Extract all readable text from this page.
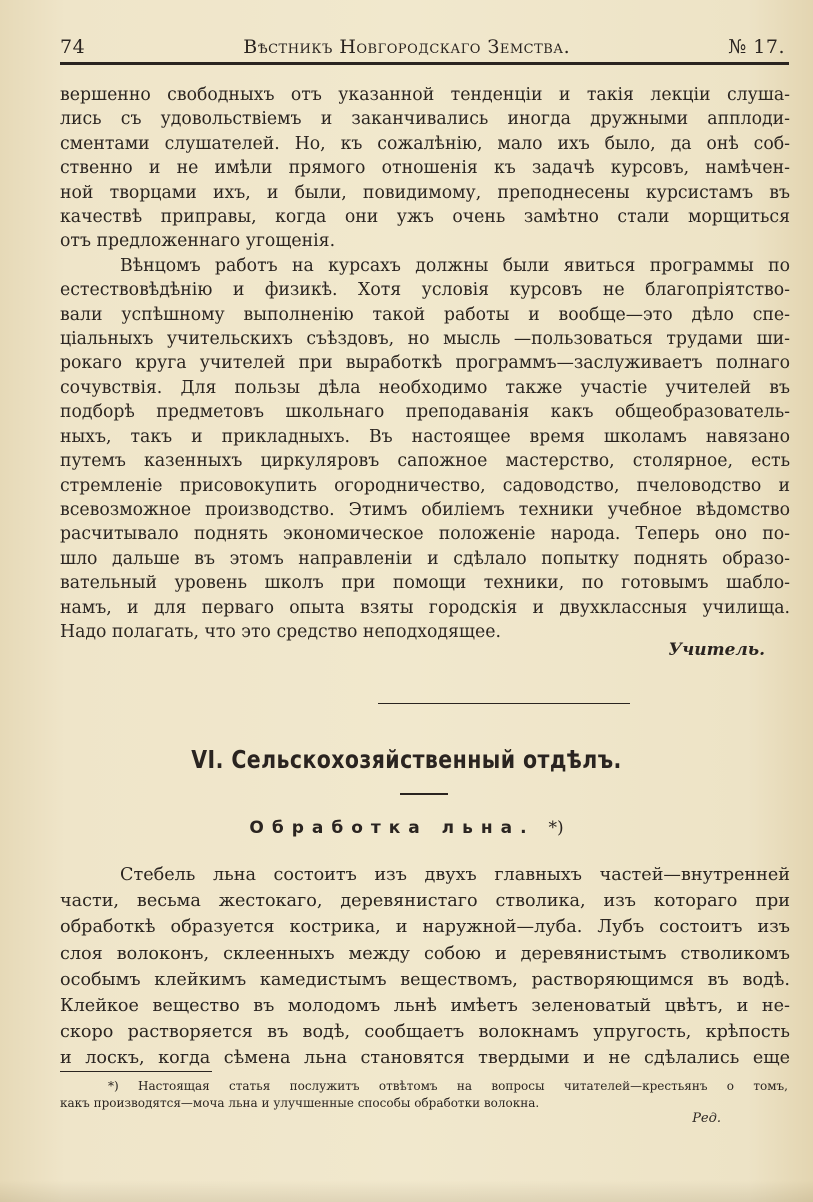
74	Вѣстникъ Новгородскаго Земства.	№ 17.
вершенно свободныхъ отъ указанной тенденціи и такія лекціи слуша-
лись съ удовольствіемъ и заканчивались иногда дружными апплоди-
сментами слушателей. Но, къ сожалѣнію, мало ихъ было, да онѣ соб-
ственно и не имѣли прямого отношенія къ задачѣ курсовъ, намѣчен-
ной творцами ихъ, и были, повидимому, преподнесены курсистамъ въ
качествѣ приправы, когда они ужъ очень замѣтно стали морщиться
отъ предложеннаго угощенія.
Вѣнцомъ работъ на курсахъ должны были явиться программы по
естествовѣдѣнію и физикѣ. Хотя условія курсовъ не благопріятство-
вали успѣшному выполненію такой работы и вообще—это дѣло спе-
ціальныхъ учительскихъ съѣздовъ, но мысль —пользоваться трудами ши-
рокаго круга учителей при выработкѣ программъ—заслуживаетъ полнаго
сочувствія. Для пользы дѣла необходимо также участіе учителей въ
подборѣ предметовъ школьнаго преподаванія какъ общеобразователь-
ныхъ, такъ и прикладныхъ. Въ настоящее время школамъ навязано
путемъ казенныхъ циркуляровъ сапожное мастерство, столярное, есть
стремленіе присовокупить огородничество, садоводство, пчеловодство и
всевозможное производство. Этимъ обиліемъ техники учебное вѣдомство
расчитывало поднять экономическое положеніе народа. Теперь оно по-
шло дальше въ этомъ направленіи и сдѣлало попытку поднять образо-
вательный уровень школъ при помощи техники, по готовымъ шабло-
намъ, и для перваго опыта взяты городскія и двухклассныя училища.
Надо полагать, что это средство неподходящее.
Учитель.
VI. Сельскохозяйственный отдѣлъ.
Обработка льна. *)
Стебель льна состоитъ изъ двухъ главныхъ частей—внутренней
части, весьма жестокаго, деревянистаго стволика, изъ котораго при
обработкѣ образуется кострика, и наружной—луба. Лубъ состоитъ изъ
слоя волоконъ, склеенныхъ между собою и деревянистымъ стволикомъ
особымъ клейкимъ камедистымъ веществомъ, растворяющимся въ водѣ.
Клейкое вещество въ молодомъ льнѣ имѣетъ зеленоватый цвѣтъ, и не-
скоро растворяется въ водѣ, сообщаетъ волокнамъ упругость, крѣпость
и лоскъ, когда сѣмена льна становятся твердыми и не сдѣлались еще
*) Настоящая статья послужитъ отвѣтомъ на вопросы читателей—крестьянъ о томъ,
какъ производятся—моча льна и улучшенные способы обработки волокна.
Ред.
